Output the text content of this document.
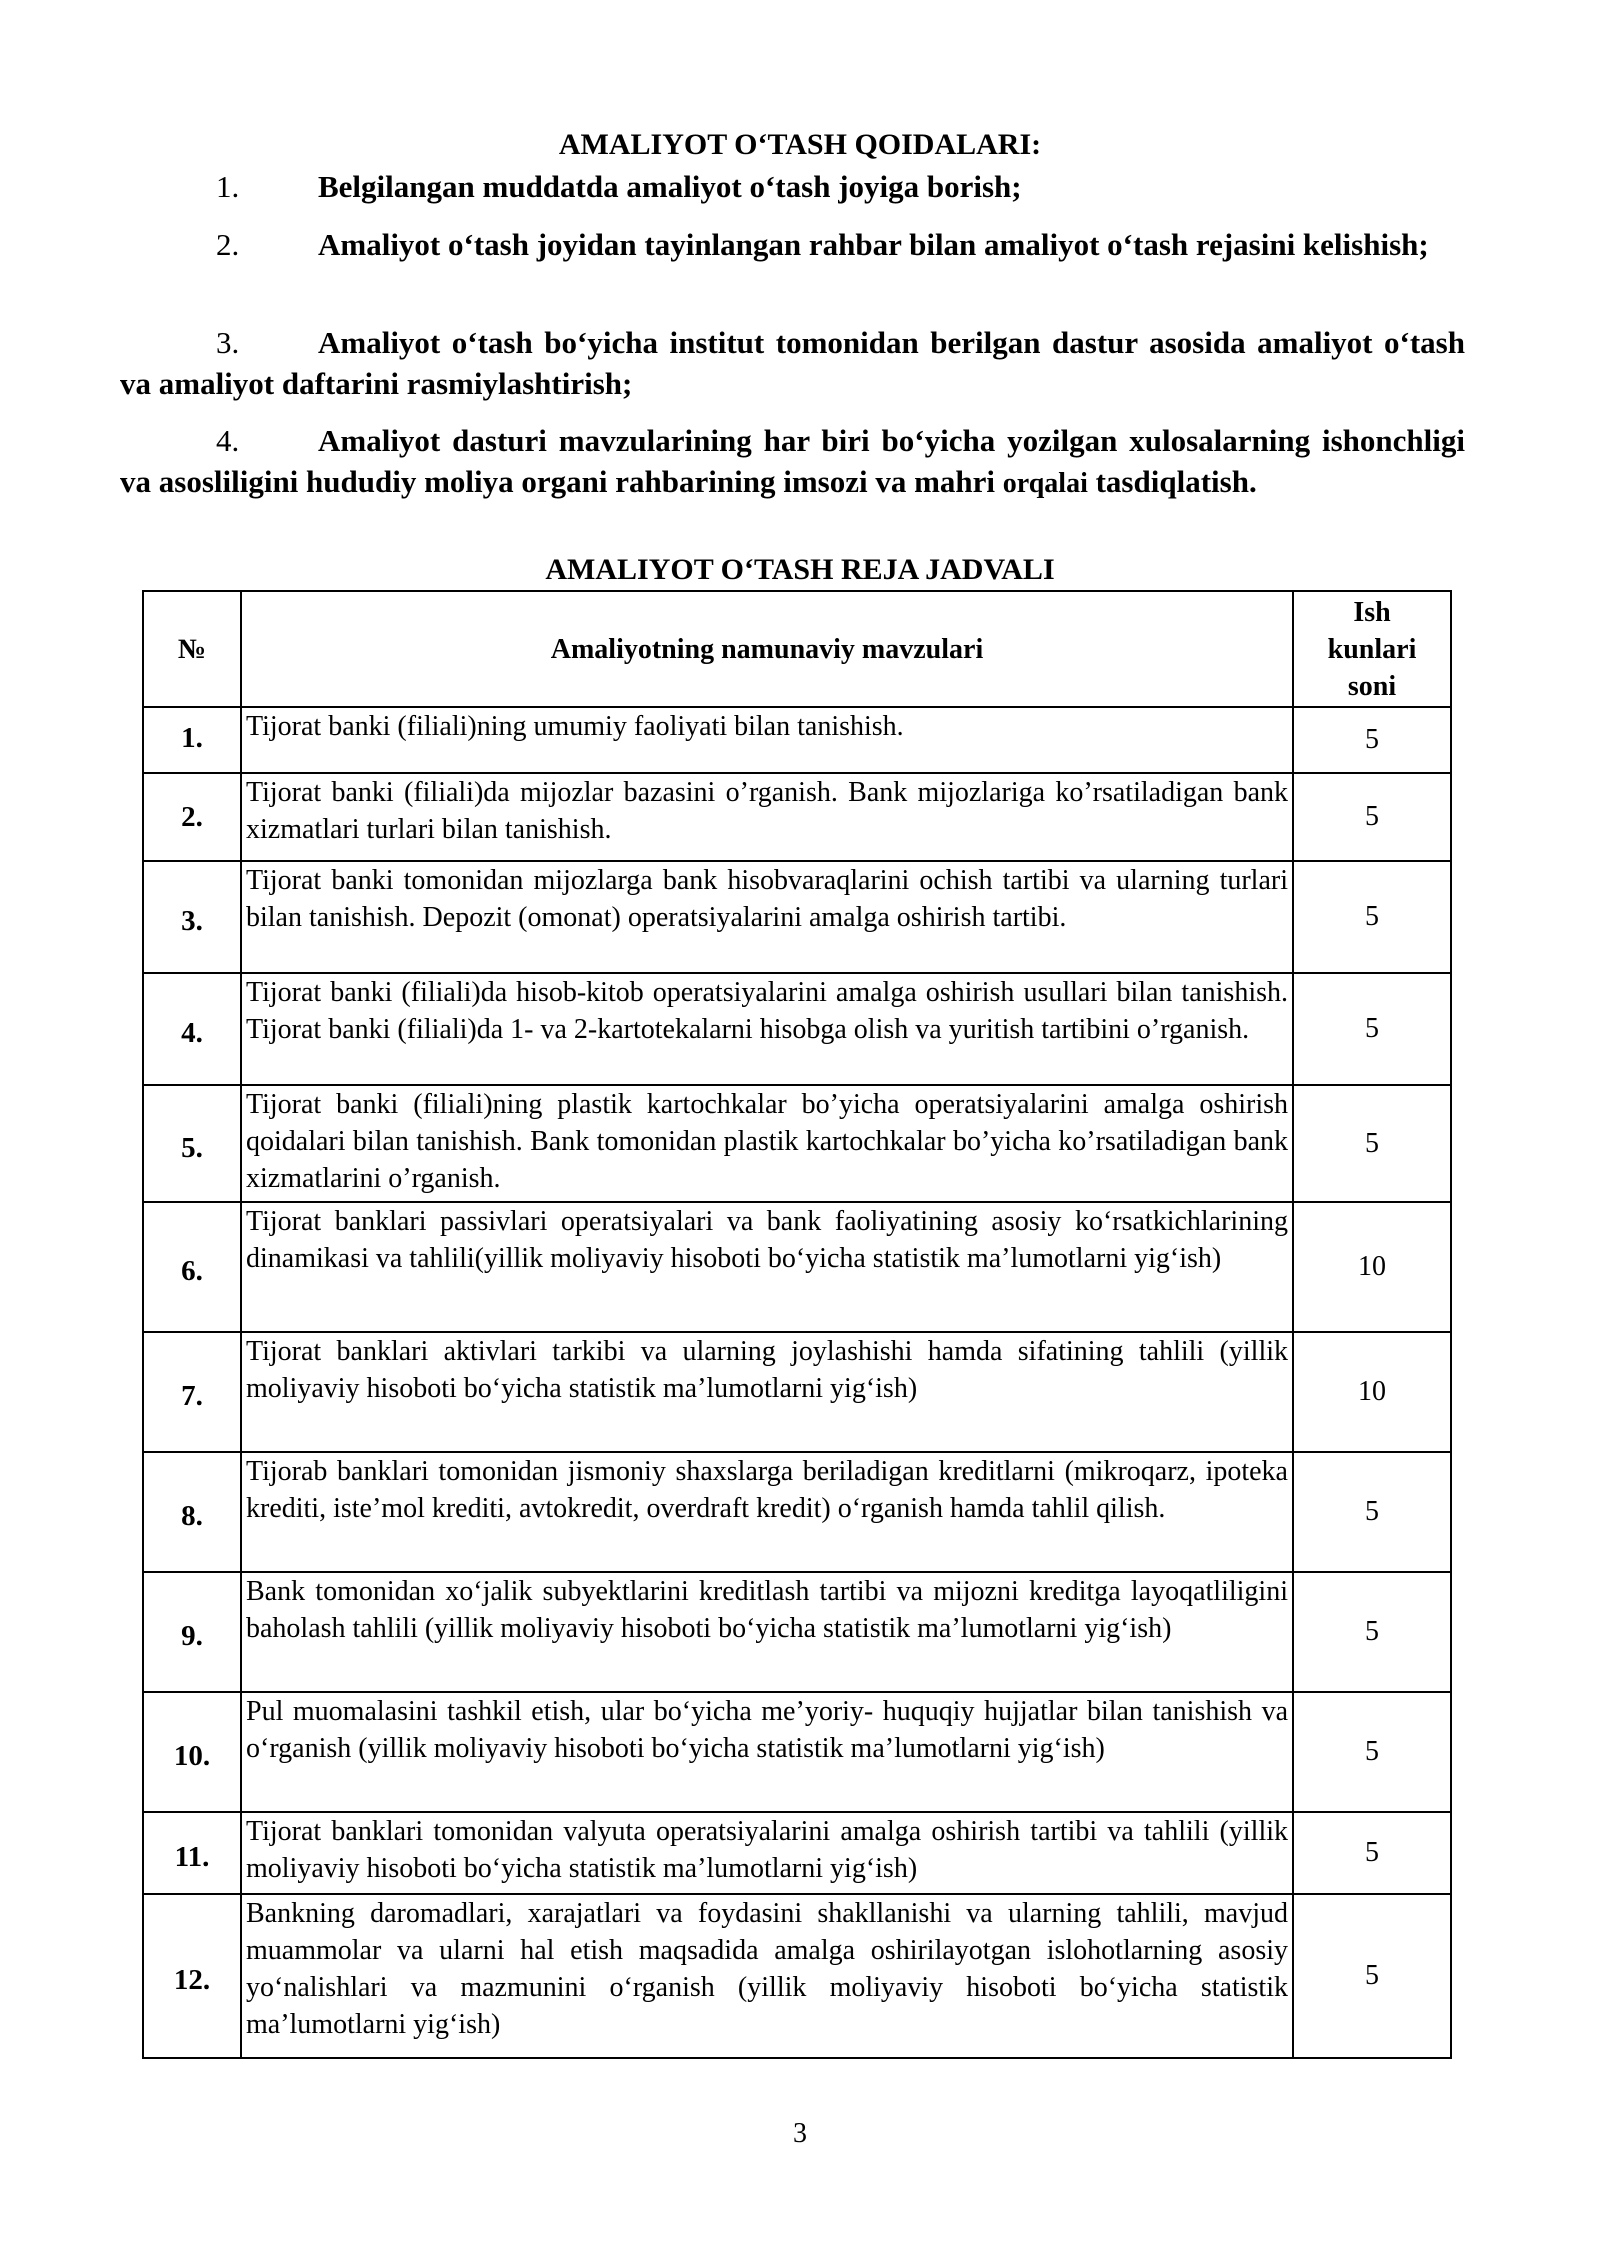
AMALIYOT O‘TASH QOIDALARI:
1.	Belgilangan muddatda amaliyot o‘tash joyiga borish;
2.	Amaliyot o‘tash joyidan tayinlangan rahbar bilan amaliyot o‘tash rejasini kelishish;
3.	Amaliyot o‘tash bo‘yicha institut tomonidan berilgan dastur asosida amaliyot o‘tash va amaliyot daftarini rasmiylashtirish;
4.	Amaliyot dasturi mavzularining har biri bo‘yicha yozilgan xulosalarning ishonchligi va asosliligini hududiy moliya organi rahbarining imsozi va mahri orqalai tasdiqlatish.
AMALIYOT O‘TASH REJA JADVALI
№	Amaliyotning namunaviy mavzulari	Ish
kunlari
soni

1.	Tijorat banki (filiali)ning umumiy faoliyati bilan tanishish.	5
2.	Tijorat banki (filiali)da mijozlar bazasini o’rganish. Bank mijozlariga ko’rsatiladigan bank xizmatlari turlari bilan tanishish.	5
3.	Tijorat banki tomonidan mijozlarga bank hisobvaraqlarini ochish tartibi va ularning turlari bilan tanishish. Depozit (omonat) operatsiyalarini amalga oshirish tartibi.	5
4.	Tijorat banki (filiali)da hisob-kitob operatsiyalarini amalga oshirish usullari bilan tanishish. Tijorat banki (filiali)da 1- va 2-kartotekalarni hisobga olish va yuritish tartibini o’rganish.	5
5.	Tijorat banki (filiali)ning plastik kartochkalar bo’yicha operatsiyalarini amalga oshirish qoidalari bilan tanishish. Bank tomonidan plastik kartochkalar bo’yicha ko’rsatiladigan bank xizmatlarini o’rganish.	5
6.	Tijorat banklari passivlari operatsiyalari va bank faoliyatining asosiy ko‘rsatkichlarining dinamikasi va tahlili(yillik moliyaviy hisoboti bo‘yicha statistik ma’lumotlarni yig‘ish)	10
7.	Tijorat banklari aktivlari tarkibi va ularning joylashishi hamda sifatining tahlili (yillik moliyaviy hisoboti bo‘yicha statistik ma’lumotlarni yig‘ish)	10
8.	Tijorab banklari tomonidan jismoniy shaxslarga beriladigan kreditlarni (mikroqarz, ipoteka krediti, iste’mol krediti, avtokredit, overdraft kredit) o‘rganish hamda tahlil qilish.	5
9.	Bank tomonidan xo‘jalik subyektlarini kreditlash tartibi va mijozni kreditga layoqatliligini baholash tahlili (yillik moliyaviy hisoboti bo‘yicha statistik ma’lumotlarni yig‘ish)	5
10.	Pul muomalasini tashkil etish, ular bo‘yicha me’yoriy- huquqiy hujjatlar bilan tanishish va o‘rganish (yillik moliyaviy hisoboti bo‘yicha statistik ma’lumotlarni yig‘ish)	5
11.	Tijorat banklari tomonidan valyuta operatsiyalarini amalga oshirish tartibi va tahlili (yillik moliyaviy hisoboti bo‘yicha statistik ma’lumotlarni yig‘ish)	5
12.	Bankning daromadlari, xarajatlari va foydasini shakllanishi va ularning tahlili, mavjud muammolar va ularni hal etish maqsadida amalga oshirilayotgan islohotlarning asosiy yo‘nalishlari va mazmunini o‘rganish (yillik moliyaviy hisoboti bo‘yicha statistik ma’lumotlarni yig‘ish)	5
3
